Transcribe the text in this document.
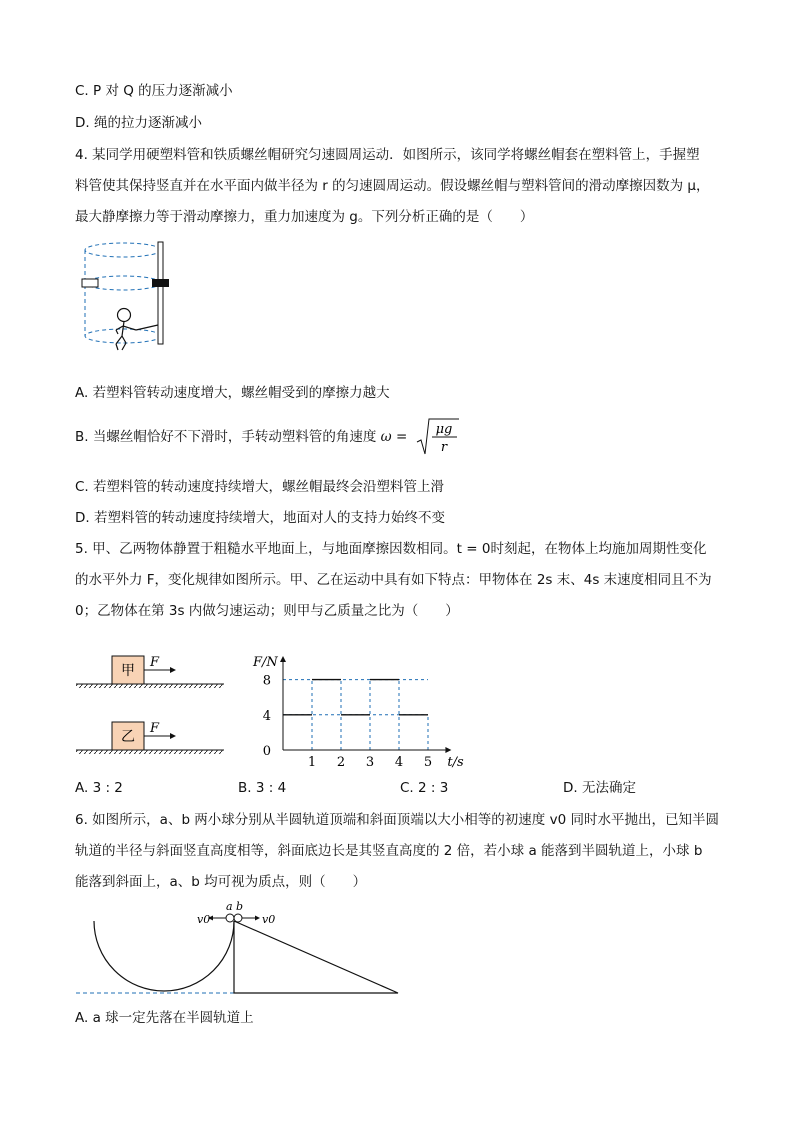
C. P 对 Q 的压力逐渐减小
D. 绳的拉力逐渐减小
4. 某同学用硬塑料管和铁质螺丝帽研究匀速圆周运动．如图所示，该同学将螺丝帽套在塑料管上，手握塑
料管使其保持竖直并在水平面内做半径为 r 的匀速圆周运动。假设螺丝帽与塑料管间的滑动摩擦因数为 μ，
最大静摩擦力等于滑动摩擦力，重力加速度为 g。下列分析正确的是（　　）
A. 若塑料管转动速度增大，螺丝帽受到的摩擦力越大
B. 当螺丝帽恰好不下滑时，手转动塑料管的角速度 ω = μg
r
C. 若塑料管的转动速度持续增大，螺丝帽最终会沿塑料管上滑
D. 若塑料管的转动速度持续增大，地面对人的支持力始终不变
5. 甲、乙两物体静置于粗糙水平地面上，与地面摩擦因数相同。t = 0时刻起，在物体上均施加周期性变化
的水平外力 F，变化规律如图所示。甲、乙在运动中具有如下特点：甲物体在 2s 末、4s 末速度相同且不为
0；乙物体在第 3s 内做匀速运动；则甲与乙质量之比为（　　）
甲
F
乙
F
1 2 3 4 5
0
4
8
t/s
F/N
A. 3 : 2	B. 3 : 4	C. 2 : 3	D. 无法确定
6. 如图所示，a、b 两小球分别从半圆轨道顶端和斜面顶端以大小相等的初速度 v0 同时水平抛出，已知半圆
轨道的半径与斜面竖直高度相等，斜面底边长是其竖直高度的 2 倍，若小球 a 能落到半圆轨道上，小球 b
能落到斜面上，a、b 均可视为质点，则（　　）
a b
v0	v0
A. a 球一定先落在半圆轨道上
